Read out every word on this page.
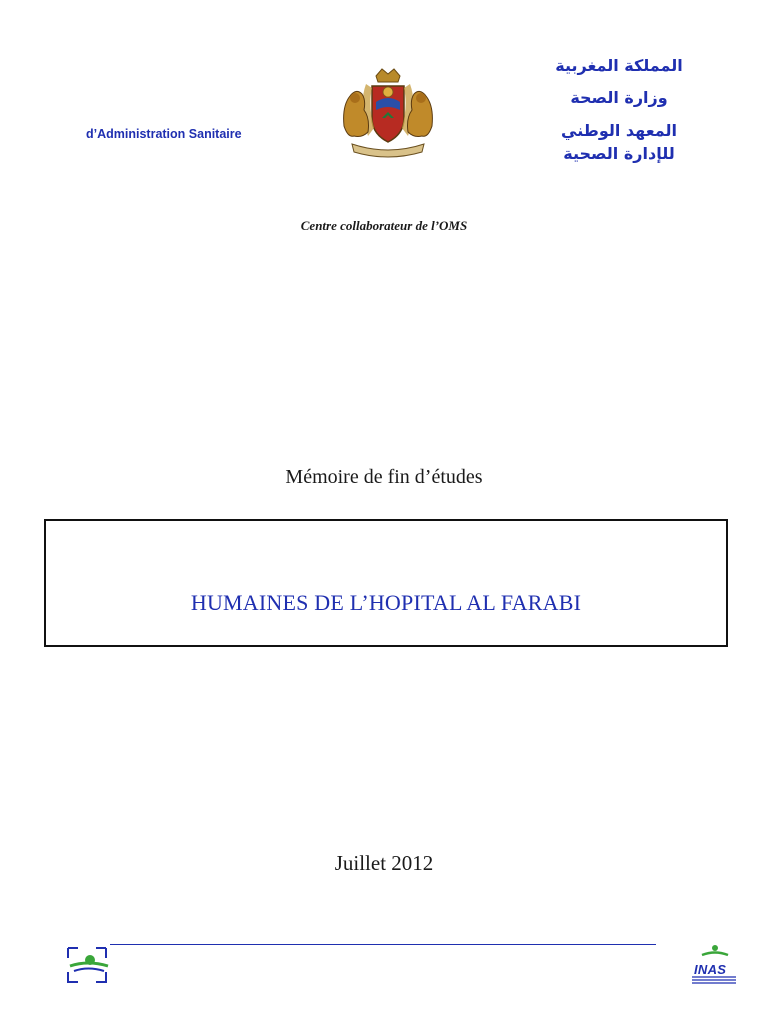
d’Administration Sanitaire
المملكة المغربية
وزارة الصحة
المعهد الوطني
للإدارة الصحية
Centre collaborateur de l’OMS
Mémoire de fin d’études
HUMAINES DE L’HOPITAL AL FARABI
Juillet 2012
INAS
